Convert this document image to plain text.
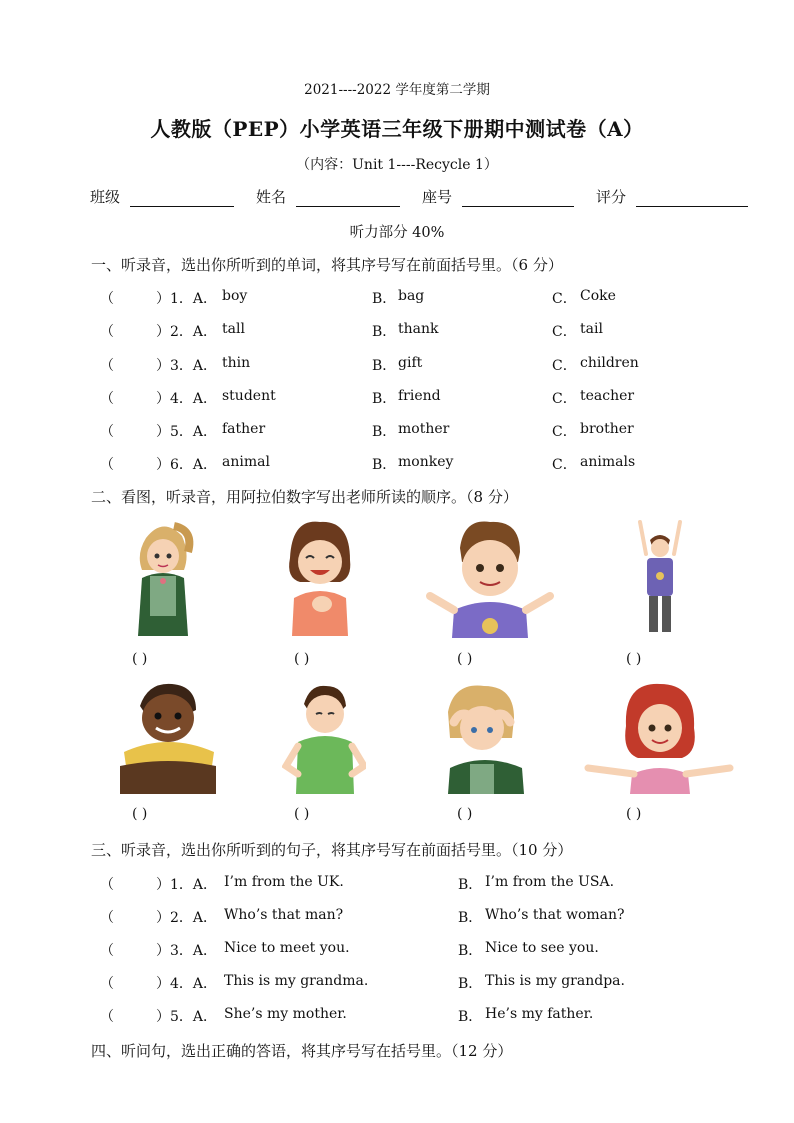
2021----2022 学年度第二学期
人教版（PEP）小学英语三年级下册期中测试卷（A）
（内容：Unit 1----Recycle 1）
班级	姓名	座号	评分
听力部分 40%
一、听录音，选出你所听到的单词，将其序号写在前面括号里。（6 分）
（	）1．A． boy	B． bag	C． Coke
（	）2．A． tall	B． thank	C． tail
（	）3．A． thin	B． gift	C． children
（	）4．A． student	B． friend	C． teacher
（	）5．A． father	B． mother	C． brother
（	）6．A． animal	B． monkey	C． animals
二、看图，听录音，用阿拉伯数字写出老师所读的顺序。（8 分）
( )	( )	( )	( )
( )	( )	( )	( )
三、听录音，选出你所听到的句子，将其序号写在前面括号里。（10 分）
（	）1．A． I’m from the UK.	B． I’m from the USA.
（	）2．A． Who’s that man?	B． Who’s that woman?
（	）3．A． Nice to meet you.	B． Nice to see you.
（	）4．A． This is my grandma.	B． This is my grandpa.
（	）5．A． She’s my mother.	B． He’s my father.
四、听问句，选出正确的答语，将其序号写在括号里。（12 分）
